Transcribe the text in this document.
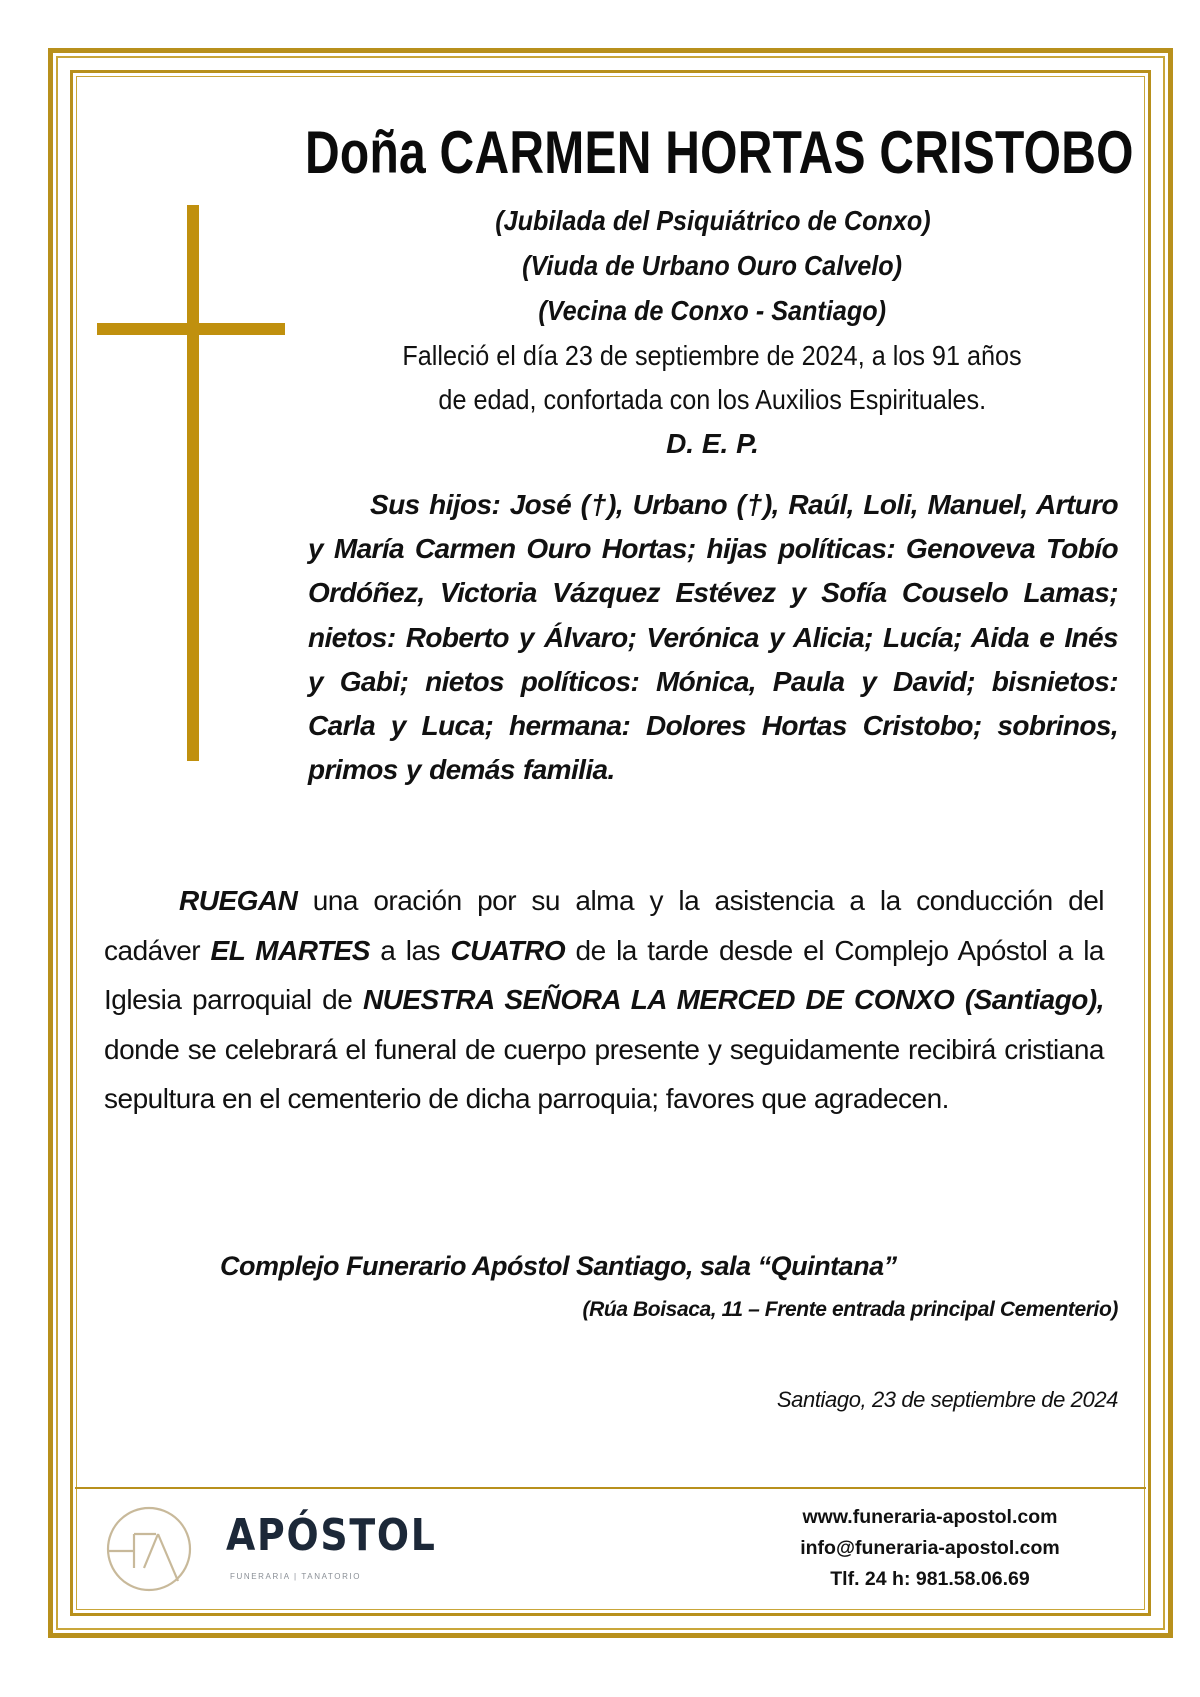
Doña CARMEN HORTAS CRISTOBO
(Jubilada del Psiquiátrico de Conxo)
(Viuda de Urbano Ouro Calvelo)
(Vecina de Conxo - Santiago)
Falleció el día 23 de septiembre de 2024, a los 91 años
de edad, confortada con los Auxilios Espirituales.
D. E. P.

Sus hijos: José (†), Urbano (†), Raúl, Loli, Manuel, Arturo y María Carmen Ouro Hortas; hijas políticas: Genoveva Tobío Ordóñez, Victoria Vázquez Estévez y Sofía Couselo Lamas; nietos: Roberto y Álvaro; Verónica y Alicia; Lucía; Aida e Inés y Gabi; nietos políticos: Mónica, Paula y David; bisnietos: Carla y Luca; hermana: Dolores Hortas Cristobo; sobrinos, primos y demás familia.

RUEGAN una oración por su alma y la asistencia a la conducción del cadáver EL MARTES a las CUATRO de la tarde desde el Complejo Apóstol a la Iglesia parroquial de NUESTRA SEÑORA LA MERCED DE CONXO (Santiago), donde se celebrará el funeral de cuerpo presente y seguidamente recibirá cristiana sepultura en el cementerio de dicha parroquia; favores que agradecen.

Complejo Funerario Apóstol Santiago, sala “Quintana”
(Rúa Boisaca, 11 – Frente entrada principal Cementerio)
Santiago, 23 de septiembre de 2024
APÓSTOL
FUNERARIA | TANATORIO
www.funeraria-apostol.com
info@funeraria-apostol.com
Tlf. 24 h: 981.58.06.69
